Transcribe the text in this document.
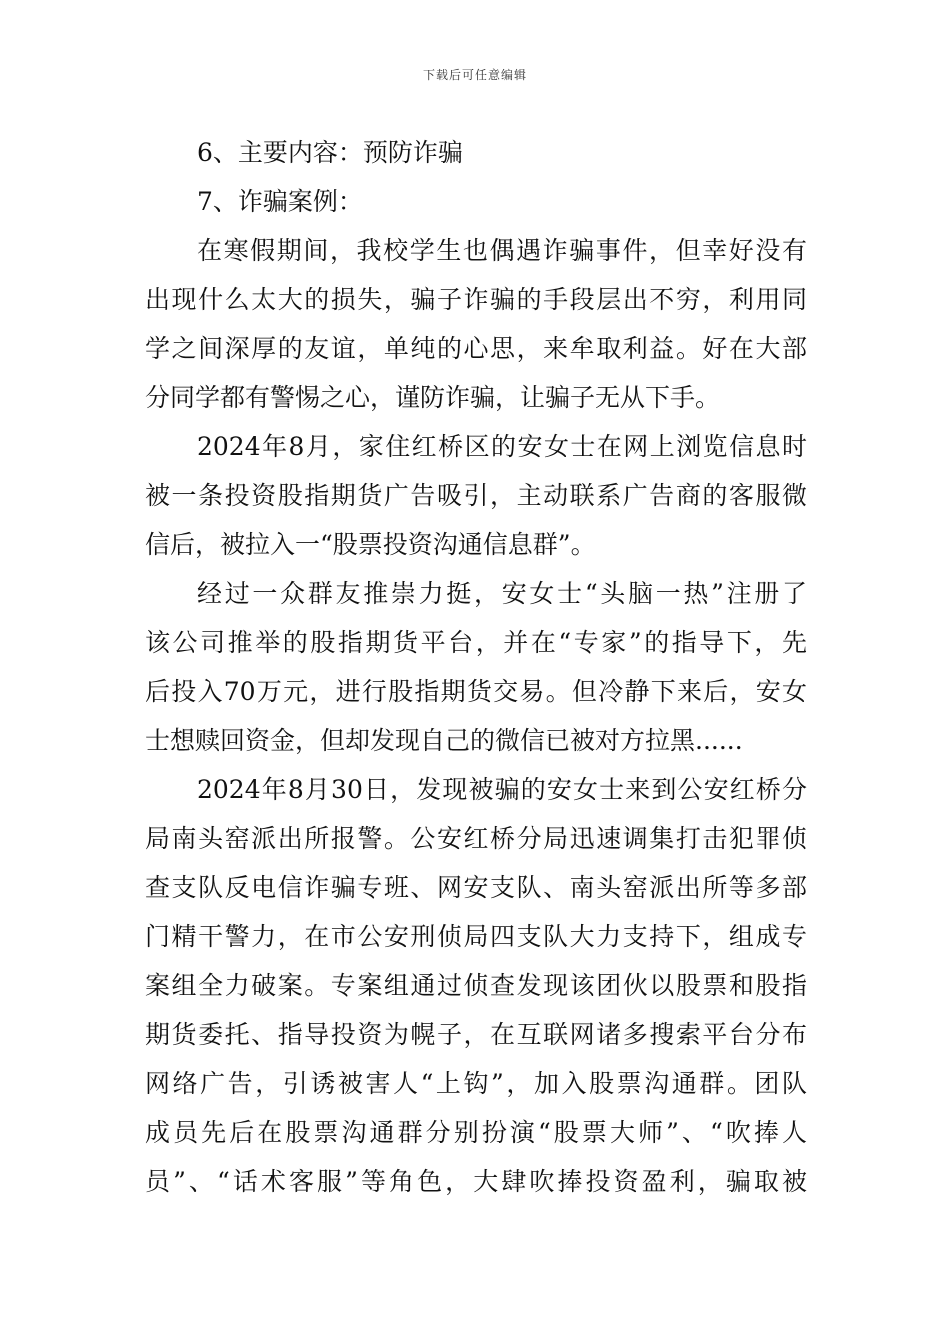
下载后可任意编辑
6、主要内容：预防诈骗
7、诈骗案例：
在寒假期间，我校学生也偶遇诈骗事件，但幸好没有
出现什么太大的损失，骗子诈骗的手段层出不穷，利用同
学之间深厚的友谊，单纯的心思，来牟取利益。好在大部
分同学都有警惕之心，谨防诈骗，让骗子无从下手。
2024年8月，家住红桥区的安女士在网上浏览信息时
被一条投资股指期货广告吸引，主动联系广告商的客服微
信后，被拉入一“股票投资沟通信息群”。
经过一众群友推崇力挺，安女士“头脑一热”注册了
该公司推举的股指期货平台，并在“专家”的指导下，先
后投入70万元，进行股指期货交易。但冷静下来后，安女
士想赎回资金，但却发现自己的微信已被对方拉黑......
2024年8月30日，发现被骗的安女士来到公安红桥分
局南头窑派出所报警。公安红桥分局迅速调集打击犯罪侦
查支队反电信诈骗专班、网安支队、南头窑派出所等多部
门精干警力，在市公安刑侦局四支队大力支持下，组成专
案组全力破案。专案组通过侦查发现该团伙以股票和股指
期货委托、指导投资为幌子，在互联网诸多搜索平台分布
网络广告，引诱被害人“上钩”，加入股票沟通群。团队
成员先后在股票沟通群分别扮演“股票大师”、“吹捧人
员”、“话术客服”等角色，大肆吹捧投资盈利，骗取被
